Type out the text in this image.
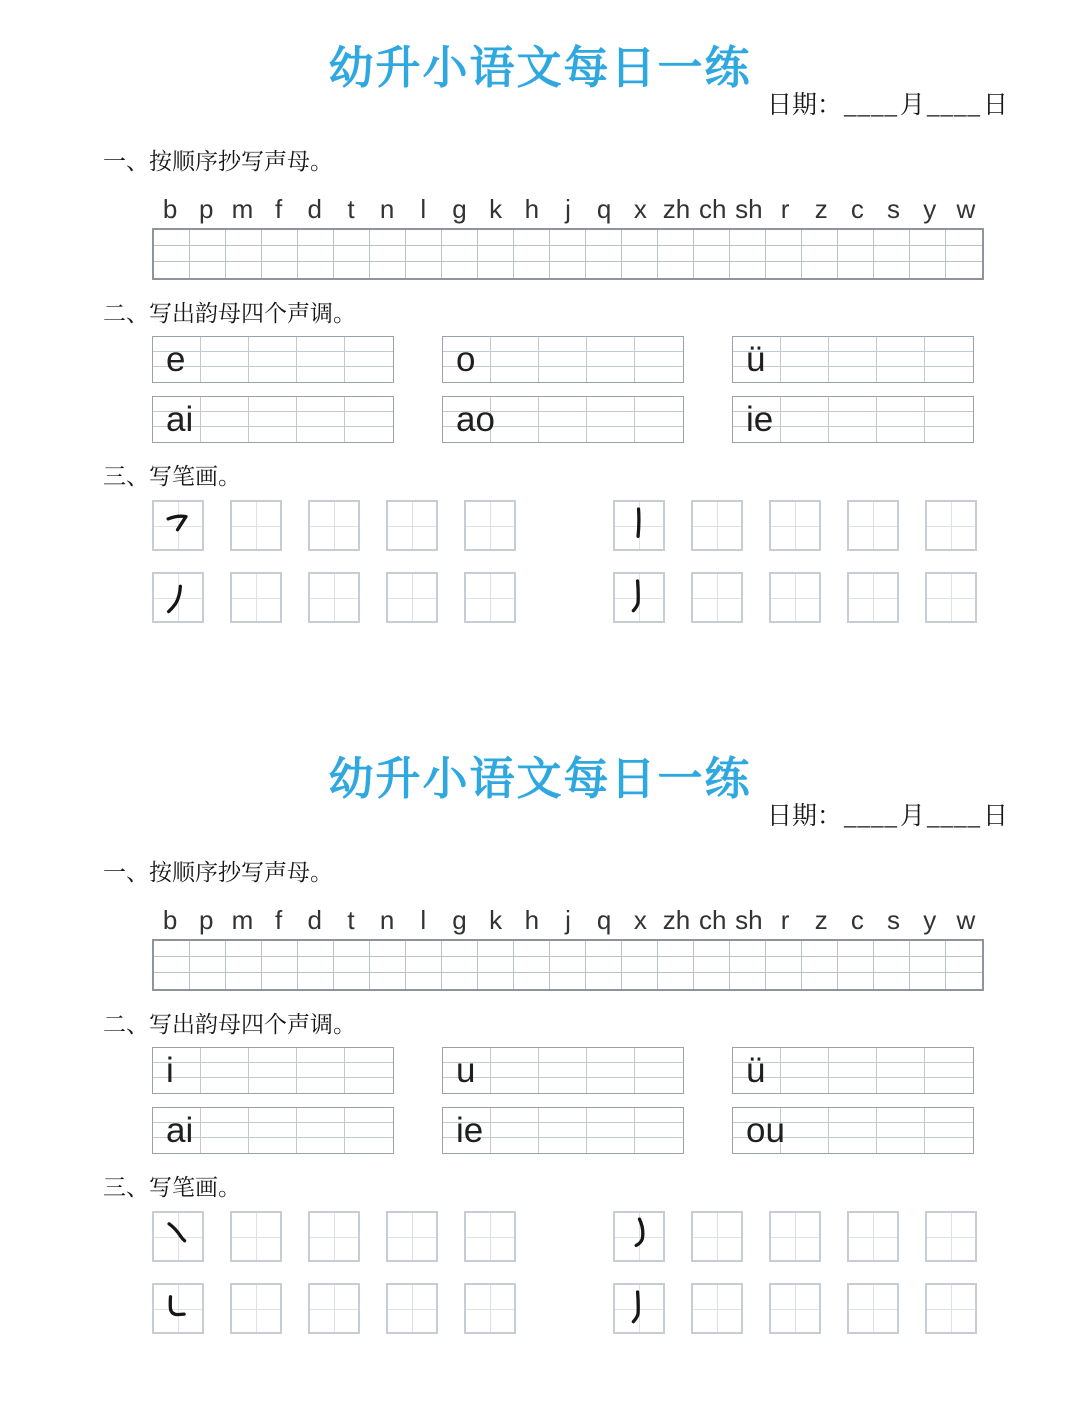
幼升小语文每日一练
日期：____月____日
一、按顺序抄写声母。
b p m f d t n	l	g k h	j	q x zh ch sh r z c s y w
二、写出韵母四个声调。
e	o	ü
ai	ao	ie
三、写笔画。
幼升小语文每日一练
日期：____月____日
一、按顺序抄写声母。
b p m f d t n	l	g k h	j	q x zh ch sh r z c s y w
二、写出韵母四个声调。
i	u	ü
ai	ie	ou
三、写笔画。
